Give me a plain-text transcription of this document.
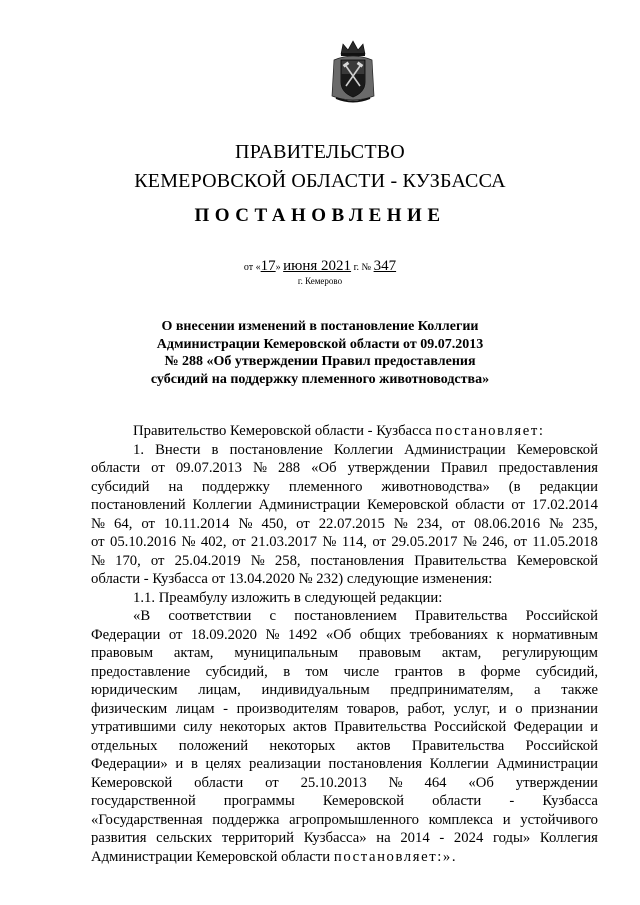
ПРАВИТЕЛЬСТВО
КЕМЕРОВСКОЙ ОБЛАСТИ - КУЗБАССА
ПОСТАНОВЛЕНИЕ
от «17» июня 2021 г. № 347
г. Кемерово
О внесении изменений в постановление Коллегии
Администрации Кемеровской области от 09.07.2013
№ 288 «Об утверждении Правил предоставления
субсидий на поддержку племенного животноводства»
Правительство Кемеровской области - Кузбасса постановляет:
1. Внести в постановление Коллегии Администрации Кемеровской
области от 09.07.2013 № 288 «Об утверждении Правил предоставления
субсидий на поддержку племенного животноводства» (в редакции
постановлений Коллегии Администрации Кемеровской области от 17.02.2014
№ 64, от 10.11.2014 № 450, от 22.07.2015 № 234, от 08.06.2016 № 235,
от 05.10.2016 № 402, от 21.03.2017 № 114, от 29.05.2017 № 246, от 11.05.2018
№ 170, от 25.04.2019 № 258, постановления Правительства Кемеровской
области - Кузбасса от 13.04.2020 № 232) следующие изменения:
1.1. Преамбулу изложить в следующей редакции:
«В соответствии с постановлением Правительства Российской
Федерации от 18.09.2020 № 1492 «Об общих требованиях к нормативным
правовым актам, муниципальным правовым актам, регулирующим
предоставление субсидий, в том числе грантов в форме субсидий,
юридическим лицам, индивидуальным предпринимателям, а также
физическим лицам - производителям товаров, работ, услуг, и о признании
утратившими силу некоторых актов Правительства Российской Федерации и
отдельных положений некоторых актов Правительства Российской
Федерации» и в целях реализации постановления Коллегии Администрации
Кемеровской области от 25.10.2013 № 464 «Об утверждении
государственной программы Кемеровской области - Кузбасса
«Государственная поддержка агропромышленного комплекса и устойчивого
развития сельских территорий Кузбасса» на 2014 - 2024 годы» Коллегия
Администрации Кемеровской области постановляет:».
